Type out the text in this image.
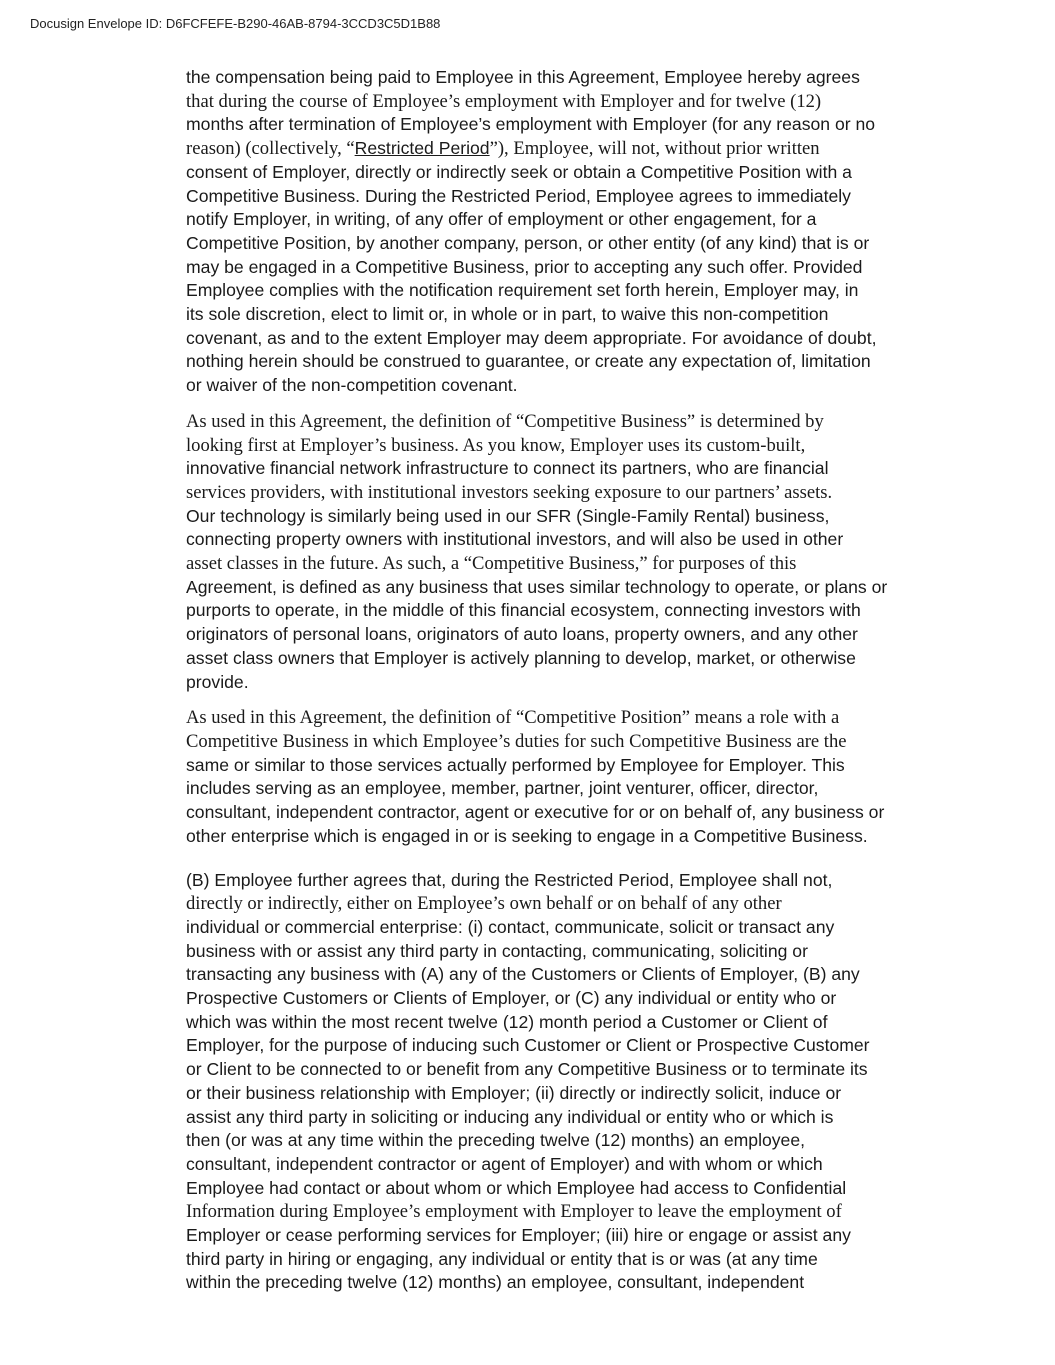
Docusign Envelope ID: D6FCFEFE-B290-46AB-8794-3CCD3C5D1B88
the compensation being paid to Employee in this Agreement, Employee hereby agrees
that during the course of Employee’s employment with Employer and for twelve (12)
months after termination of Employee’s employment with Employer (for any reason or no
reason) (collectively, “Restricted Period”), Employee, will not, without prior written
consent of Employer, directly or indirectly seek or obtain a Competitive Position with a
Competitive Business. During the Restricted Period, Employee agrees to immediately
notify Employer, in writing, of any offer of employment or other engagement, for a
Competitive Position, by another company, person, or other entity (of any kind) that is or
may be engaged in a Competitive Business, prior to accepting any such offer. Provided
Employee complies with the notification requirement set forth herein, Employer may, in
its sole discretion, elect to limit or, in whole or in part, to waive this non-competition
covenant, as and to the extent Employer may deem appropriate. For avoidance of doubt,
nothing herein should be construed to guarantee, or create any expectation of, limitation
or waiver of the non-competition covenant.
As used in this Agreement, the definition of “Competitive Business” is determined by
looking first at Employer’s business. As you know, Employer uses its custom-built,
innovative financial network infrastructure to connect its partners, who are financial
services providers, with institutional investors seeking exposure to our partners’ assets.
Our technology is similarly being used in our SFR (Single-Family Rental) business,
connecting property owners with institutional investors, and will also be used in other
asset classes in the future. As such, a “Competitive Business,” for purposes of this
Agreement, is defined as any business that uses similar technology to operate, or plans or
purports to operate, in the middle of this financial ecosystem, connecting investors with
originators of personal loans, originators of auto loans, property owners, and any other
asset class owners that Employer is actively planning to develop, market, or otherwise
provide.
As used in this Agreement, the definition of “Competitive Position” means a role with a
Competitive Business in which Employee’s duties for such Competitive Business are the
same or similar to those services actually performed by Employee for Employer. This
includes serving as an employee, member, partner, joint venturer, officer, director,
consultant, independent contractor, agent or executive for or on behalf of, any business or
other enterprise which is engaged in or is seeking to engage in a Competitive Business.
(B) Employee further agrees that, during the Restricted Period, Employee shall not,
directly or indirectly, either on Employee’s own behalf or on behalf of any other
individual or commercial enterprise: (i) contact, communicate, solicit or transact any
business with or assist any third party in contacting, communicating, soliciting or
transacting any business with (A) any of the Customers or Clients of Employer, (B) any
Prospective Customers or Clients of Employer, or (C) any individual or entity who or
which was within the most recent twelve (12) month period a Customer or Client of
Employer, for the purpose of inducing such Customer or Client or Prospective Customer
or Client to be connected to or benefit from any Competitive Business or to terminate its
or their business relationship with Employer; (ii) directly or indirectly solicit, induce or
assist any third party in soliciting or inducing any individual or entity who or which is
then (or was at any time within the preceding twelve (12) months) an employee,
consultant, independent contractor or agent of Employer) and with whom or which
Employee had contact or about whom or which Employee had access to Confidential
Information during Employee’s employment with Employer to leave the employment of
Employer or cease performing services for Employer; (iii) hire or engage or assist any
third party in hiring or engaging, any individual or entity that is or was (at any time
within the preceding twelve (12) months) an employee, consultant, independent
